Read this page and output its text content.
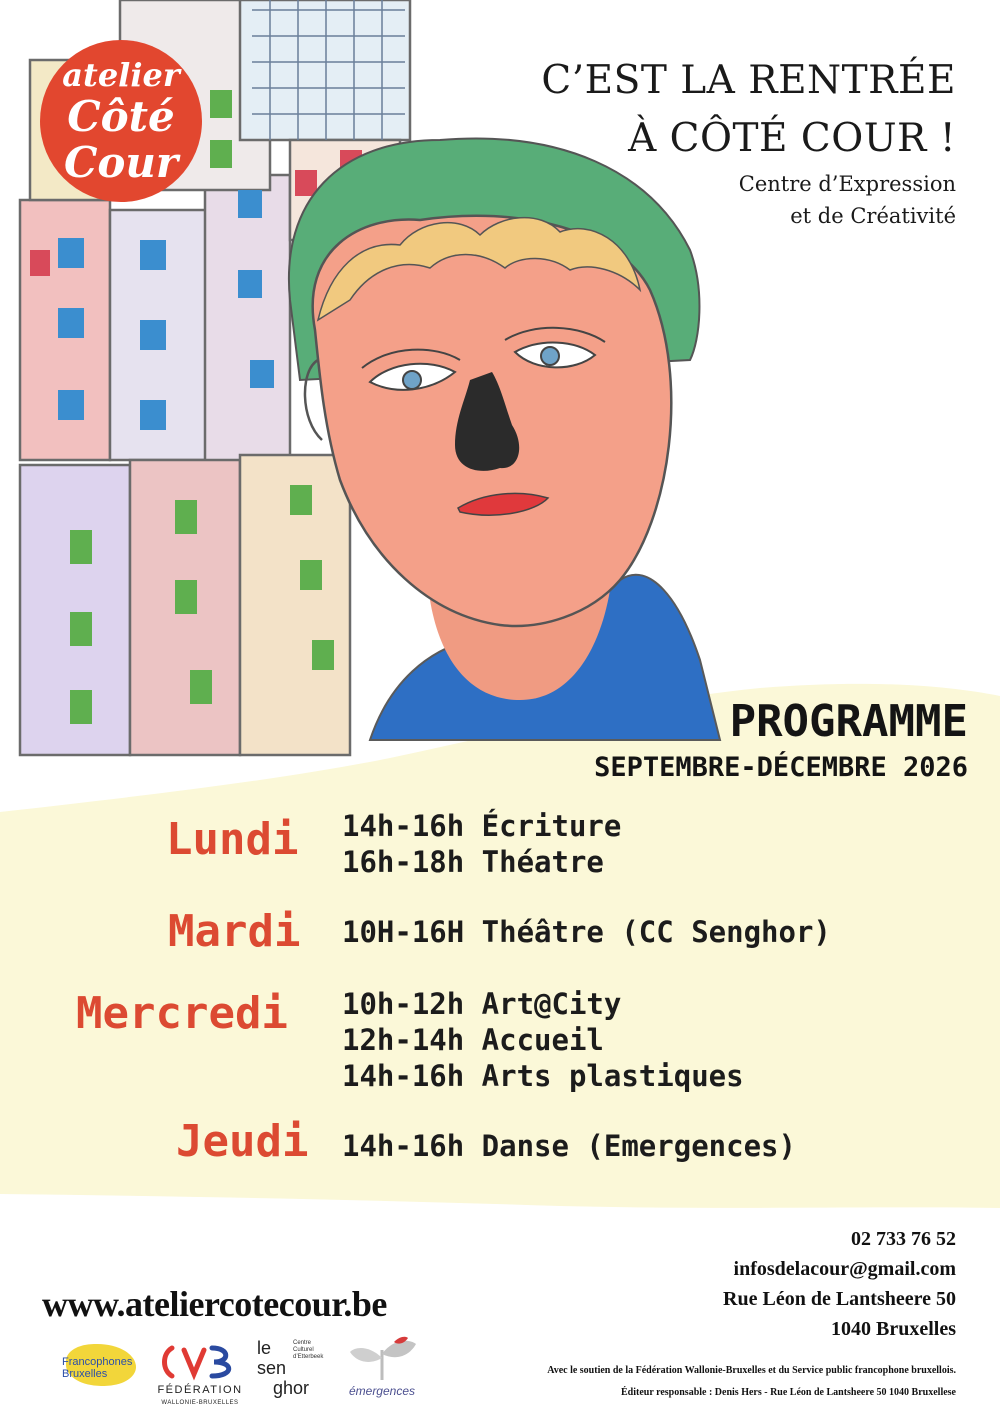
atelier
Côté
Cour
C’EST LA RENTRÉE
À CÔTÉ COUR !
Centre d’Expression
et de Créativité
PROGRAMME
SEPTEMBRE-DÉCEMBRE 2026
Lundi 14h-16h Écriture
16h-18h Théatre
Mardi 10H-16H Théâtre (CC Senghor)
Mercredi 10h-12h Art@City
12h-14h Accueil
14h-16h Arts plastiques
Jeudi 14h-16h Danse (Emergences)
www.ateliercotecour.be
02 733 76 52
infosdelacour@gmail.com
Rue Léon de Lantsheere 50
1040 Bruxelles
Avec le soutien de la Fédération Wallonie-Bruxelles et du Service public francophone bruxellois.
Éditeur responsable : Denis Hers - Rue Léon de Lantsheere 50 1040 Bruxellese
Francophones
Bruxelles
FÉDÉRATION
WALLONIE-BRUXELLES
le
sen
ghor
Centre
Culturel
d’Etterbeek
émergences
